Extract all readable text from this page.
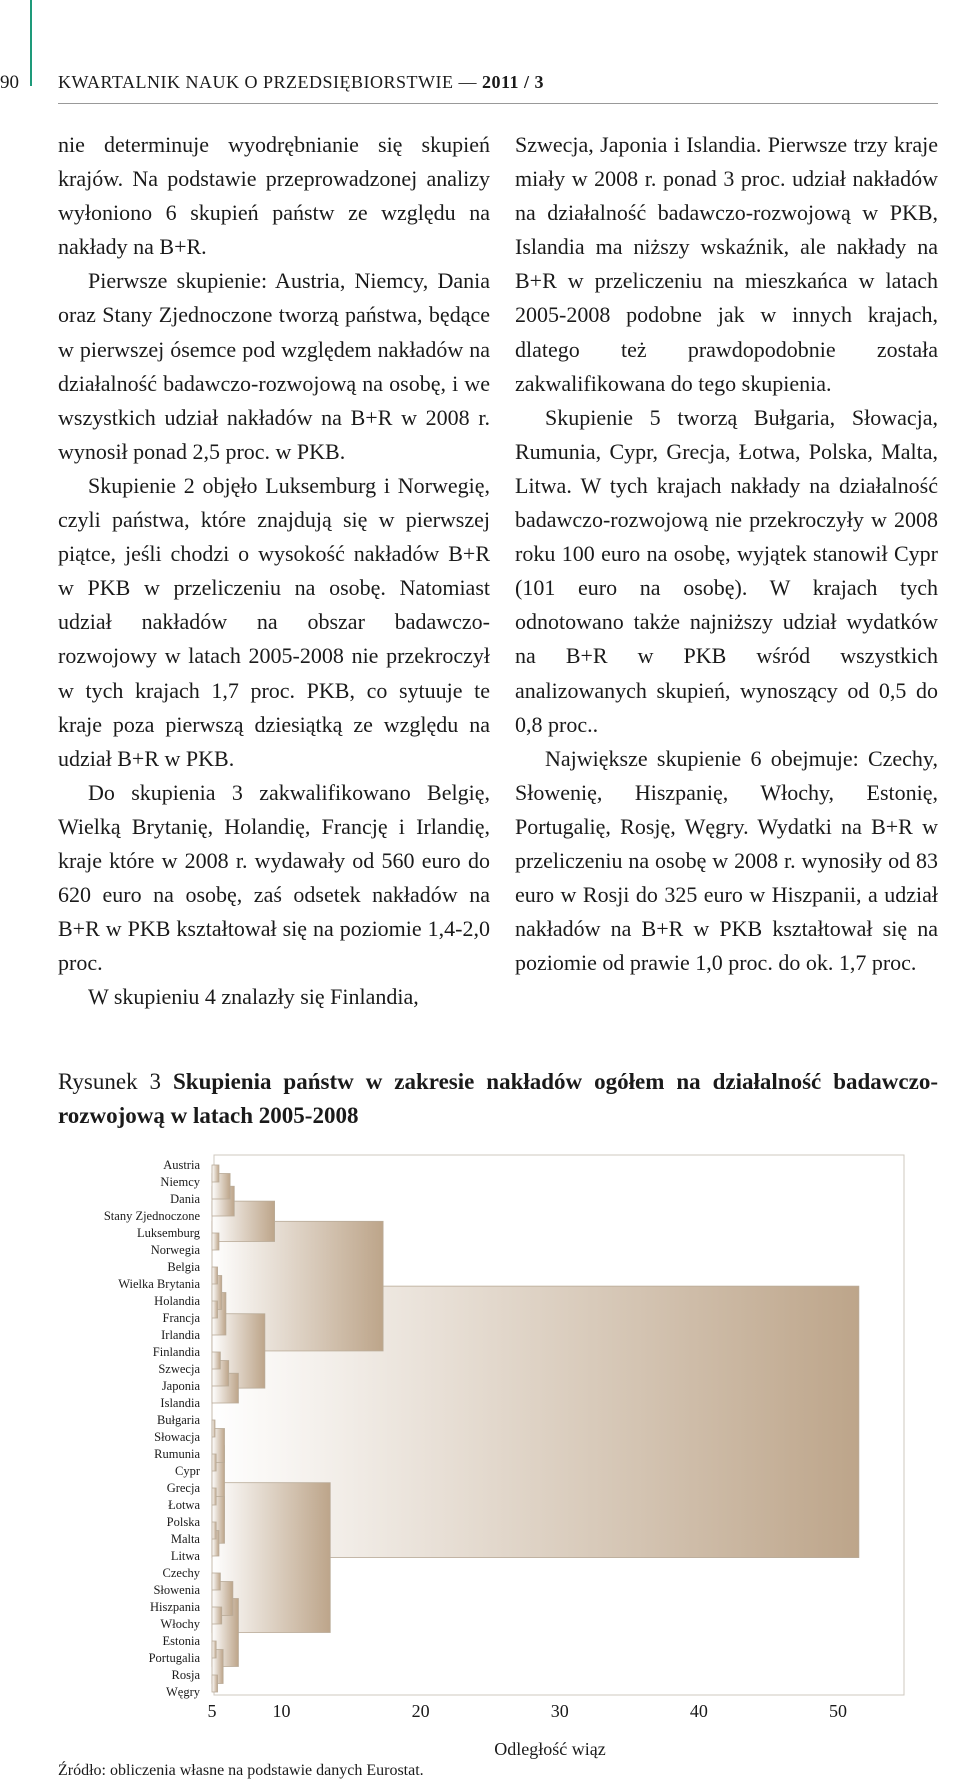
90	KWARTALNIK NAUK O PRZEDSIĘBIORSTWIE — 2011 / 3

nie determinuje wyodrębnianie się skupień krajów. Na podstawie przeprowadzonej analizy wyłoniono 6 skupień państw ze względu na nakłady na B+R.

Pierwsze skupienie: Austria, Niemcy, Dania oraz Stany Zjednoczone tworzą państwa, będące w pierwszej ósemce pod względem nakładów na działalność badawczo-rozwojową na osobę, i we wszystkich udział nakładów na B+R w 2008 r. wynosił ponad 2,5 proc. w PKB.

Skupienie 2 objęło Luksemburg i Norwegię, czyli państwa, które znajdują się w pierwszej piątce, jeśli chodzi o wysokość nakładów B+R w PKB w przeliczeniu na osobę. Natomiast udział nakładów na obszar badawczo-rozwojowy w latach 2005-2008 nie przekroczył w tych krajach 1,7 proc. PKB, co sytuuje te kraje poza pierwszą dziesiątką ze względu na udział B+R w PKB.

Do skupienia 3 zakwalifikowano Belgię, Wielką Brytanię, Holandię, Francję i Irlandię, kraje które w 2008 r. wydawały od 560 euro do 620 euro na osobę, zaś odsetek nakładów na B+R w PKB kształtował się na poziomie 1,4-2,0 proc.

W skupieniu 4 znalazły się Finlandia,

Szwecja, Japonia i Islandia. Pierwsze trzy kraje miały w 2008 r. ponad 3 proc. udział nakładów na działalność badawczo-rozwojową w PKB, Islandia ma niższy wskaźnik, ale nakłady na B+R w przeliczeniu na mieszkańca w latach 2005-2008 podobne jak w innych krajach, dlatego też prawdopodobnie została zakwalifikowana do tego skupienia.

Skupienie 5 tworzą Bułgaria, Słowacja, Rumunia, Cypr, Grecja, Łotwa, Polska, Malta, Litwa. W tych krajach nakłady na działalność badawczo-rozwojową nie przekroczyły w 2008 roku 100 euro na osobę, wyjątek stanowił Cypr (101 euro na osobę). W krajach tych odnotowano także najniższy udział wydatków na B+R w PKB wśród wszystkich analizowanych skupień, wynoszący od 0,5 do 0,8 proc..

Największe skupienie 6 obejmuje: Czechy, Słowenię, Hiszpanię, Włochy, Estonię, Portugalię, Rosję, Węgry. Wydatki na B+R w przeliczeniu na osobę w 2008 r. wynosiły od 83 euro w Rosji do 325 euro w Hiszpanii, a udział nakładów na B+R w PKB kształtował się na poziomie od prawie 1,0 proc. do ok. 1,7 proc.

Rysunek 3 Skupienia państw w zakresie nakładów ogółem na działalność badawczo-rozwojową w latach 2005-2008
Austria
Niemcy
Dania
Stany Zjednoczone
Luksemburg
Norwegia
Belgia
Wielka Brytania
Holandia
Francja
Irlandia
Finlandia
Szwecja
Japonia
Islandia
Bułgaria
Słowacja
Rumunia
Cypr
Grecja
Łotwa
Polska
Malta
Litwa
Czechy
Słowenia
Hiszpania
Włochy
Estonia
Portugalia
Rosja
Węgry
5	10	20	30	40	50
Odległość wiąz
Źródło: obliczenia własne na podstawie danych Eurostat.
